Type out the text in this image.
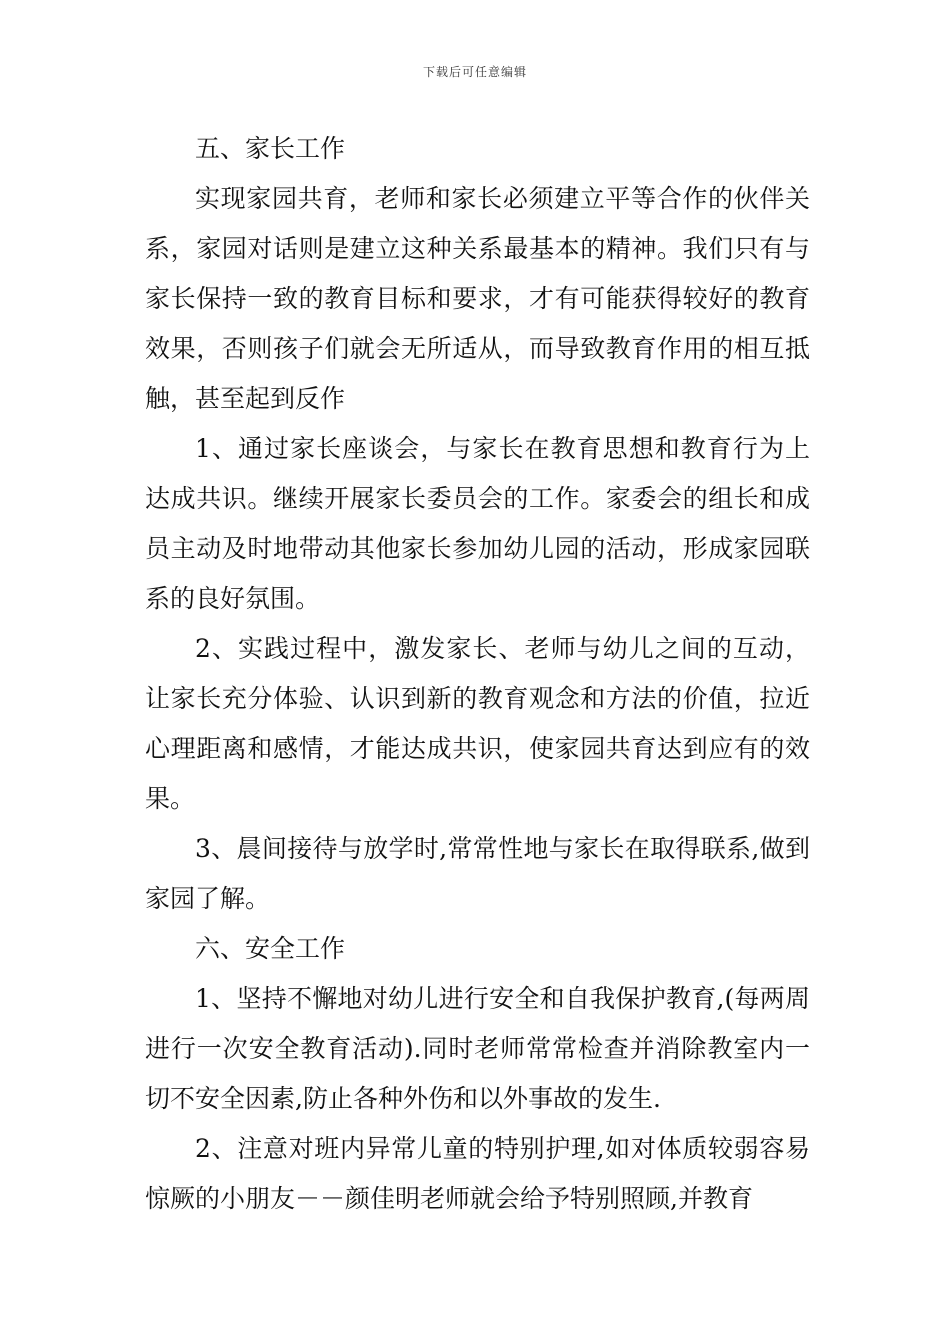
下载后可任意编辑

五、家长工作

实现家园共育，老师和家长必须建立平等合作的伙伴关系，家园对话则是建立这种关系最基本的精神。我们只有与家长保持一致的教育目标和要求，才有可能获得较好的教育效果，否则孩子们就会无所适从，而导致教育作用的相互抵触，甚至起到反作

1、通过家长座谈会，与家长在教育思想和教育行为上达成共识。继续开展家长委员会的工作。家委会的组长和成员主动及时地带动其他家长参加幼儿园的活动，形成家园联系的良好氛围。

2、实践过程中，激发家长、老师与幼儿之间的互动，让家长充分体验、认识到新的教育观念和方法的价值，拉近心理距离和感情，才能达成共识，使家园共育达到应有的效果。

3、晨间接待与放学时,常常性地与家长在取得联系,做到家园了解。

六、安全工作

1、坚持不懈地对幼儿进行安全和自我保护教育,(每两周进行一次安全教育活动).同时老师常常检查并消除教室内一切不安全因素,防止各种外伤和以外事故的发生.

2、注意对班内异常儿童的特别护理,如对体质较弱容易惊厥的小朋友－－颜佳明老师就会给予特别照顾,并教育
